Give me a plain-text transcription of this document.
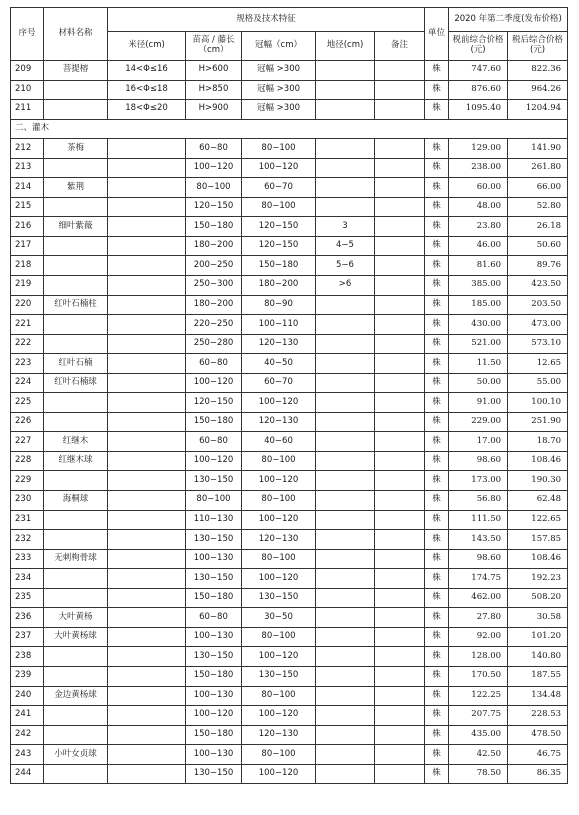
序号	材料名称	规格及技术特征					单位	2020 年第二季度(发布价格)	
		米径(cm)	苗高 / 藤长（cm）	冠幅（cm）	地径(cm)	备注		税前综合价格(元)	税后综合价格(元)
209	菩提榕	14<Φ≤16	H>600	冠幅 >300			株	747.60	822.36
210		16<Φ≤18	H>850	冠幅 >300			株	876.60	964.26
211		18<Φ≤20	H>900	冠幅 >300			株	1095.40	1204.94
二、灌木									
212	茶梅		60−80	80−100			株	129.00	141.90
213			100−120	100−120			株	238.00	261.80
214	紫荆		80−100	60−70			株	60.00	66.00
215			120−150	80−100			株	48.00	52.80
216	细叶紫薇		150−180	120−150	3		株	23.80	26.18
217			180−200	120−150	4−5		株	46.00	50.60
218			200−250	150−180	5−6		株	81.60	89.76
219			250−300	180−200	>6		株	385.00	423.50
220	红叶石楠柱		180−200	80−90			株	185.00	203.50
221			220−250	100−110			株	430.00	473.00
222			250−280	120−130			株	521.00	573.10
223	红叶石楠		60−80	40−50			株	11.50	12.65
224	红叶石楠球		100−120	60−70			株	50.00	55.00
225			120−150	100−120			株	91.00	100.10
226			150−180	120−130			株	229.00	251.90
227	红继木		60−80	40−60			株	17.00	18.70
228	红继木球		100−120	80−100			株	98.60	108.46
229			130−150	100−120			株	173.00	190.30
230	海桐球		80−100	80−100			株	56.80	62.48
231			110−130	100−120			株	111.50	122.65
232			130−150	120−130			株	143.50	157.85
233	无刺枸骨球		100−130	80−100			株	98.60	108.46
234			130−150	100−120			株	174.75	192.23
235			150−180	130−150			株	462.00	508.20
236	大叶黄杨		60−80	30−50			株	27.80	30.58
237	大叶黄杨球		100−130	80−100			株	92.00	101.20
238			130−150	100−120			株	128.00	140.80
239			150−180	130−150			株	170.50	187.55
240	金边黄杨球		100−130	80−100			株	122.25	134.48
241			100−120	100−120			株	207.75	228.53
242			150−180	120−130			株	435.00	478.50
243	小叶女贞球		100−130	80−100			株	42.50	46.75
244			130−150	100−120			株	78.50	86.35
